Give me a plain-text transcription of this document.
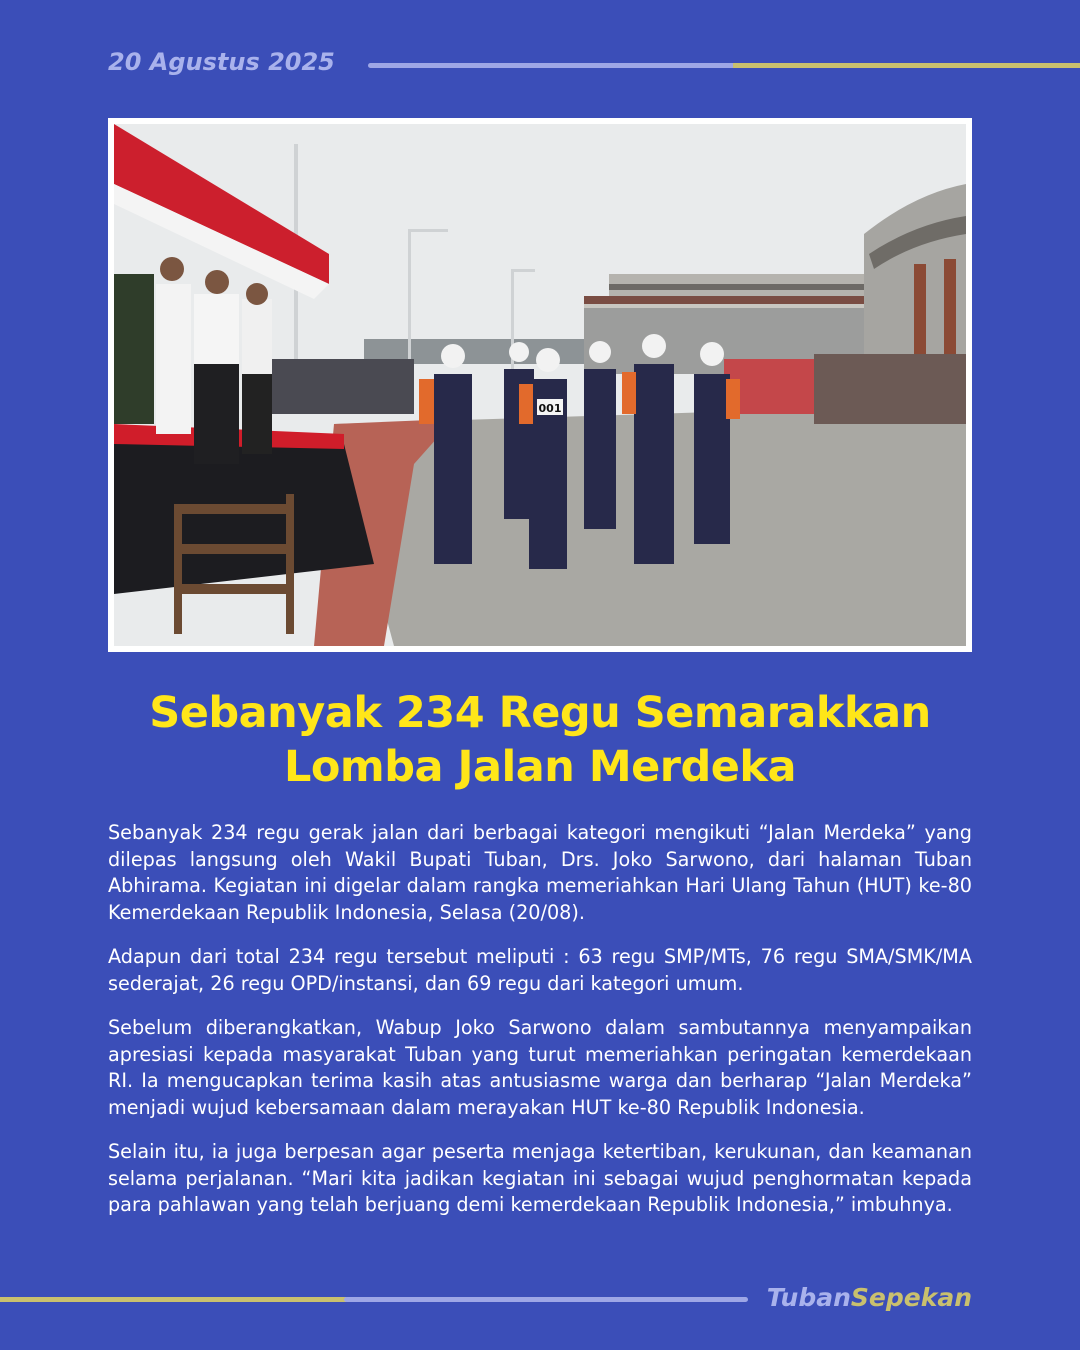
20 Agustus 2025
001
Sebanyak 234 Regu Semarakkan
Lomba Jalan Merdeka

Sebanyak 234 regu gerak jalan dari berbagai kategori mengikuti “Jalan Merdeka” yang dilepas langsung oleh Wakil Bupati Tuban, Drs. Joko Sarwono, dari halaman Tuban Abhirama. Kegiatan ini digelar dalam rangka memeriahkan Hari Ulang Tahun (HUT) ke-80 Kemerdekaan Republik Indonesia, Selasa (20/08).

Adapun dari total 234 regu tersebut meliputi : 63 regu SMP/MTs, 76 regu SMA/SMK/MA sederajat, 26 regu OPD/instansi, dan 69 regu dari kategori umum.

Sebelum diberangkatkan, Wabup Joko Sarwono dalam sambutannya menyampaikan apresiasi kepada masyarakat Tuban yang turut memeriahkan peringatan kemerdekaan RI. Ia mengucapkan terima kasih atas antusiasme warga dan berharap “Jalan Merdeka” menjadi wujud kebersamaan dalam merayakan HUT ke-80 Republik Indonesia.

Selain itu, ia juga berpesan agar peserta menjaga ketertiban, kerukunan, dan keamanan selama perjalanan. “Mari kita jadikan kegiatan ini sebagai wujud penghormatan kepada para pahlawan yang telah berjuang demi kemerdekaan Republik Indonesia,” imbuhnya.

TubanSepekan
